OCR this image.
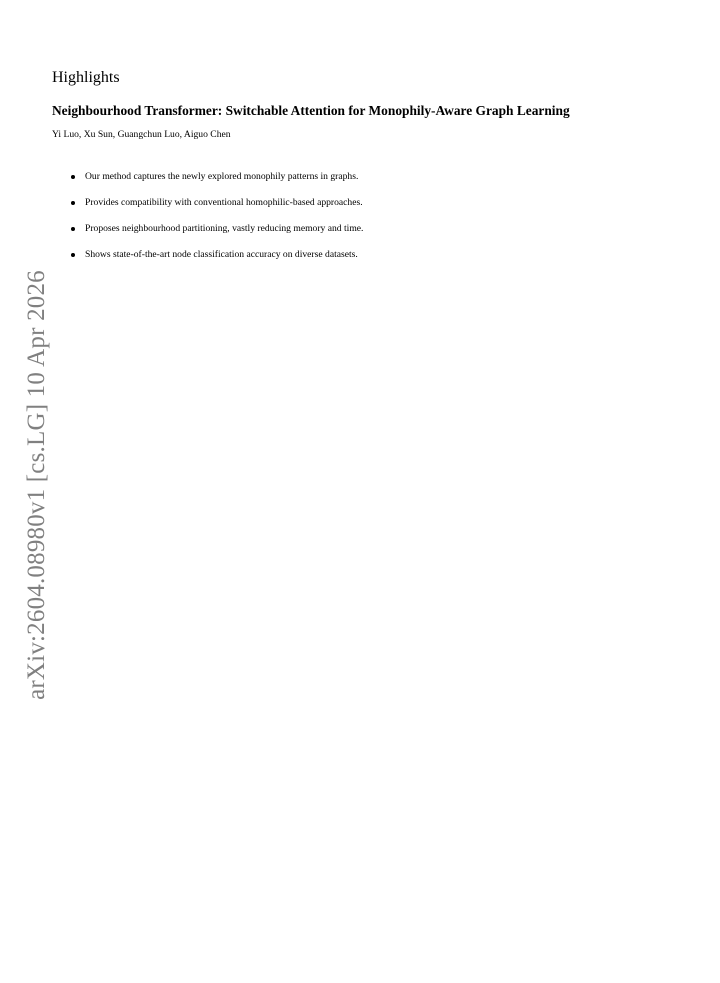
Highlights
Neighbourhood Transformer: Switchable Attention for Monophily-Aware Graph Learning
Yi Luo, Xu Sun, Guangchun Luo, Aiguo Chen
Our method captures the newly explored monophily patterns in graphs.
Provides compatibility with conventional homophilic-based approaches.
Proposes neighbourhood partitioning, vastly reducing memory and time.
Shows state-of-the-art node classification accuracy on diverse datasets.
arXiv:2604.08980v1 [cs.LG] 10 Apr 2026
